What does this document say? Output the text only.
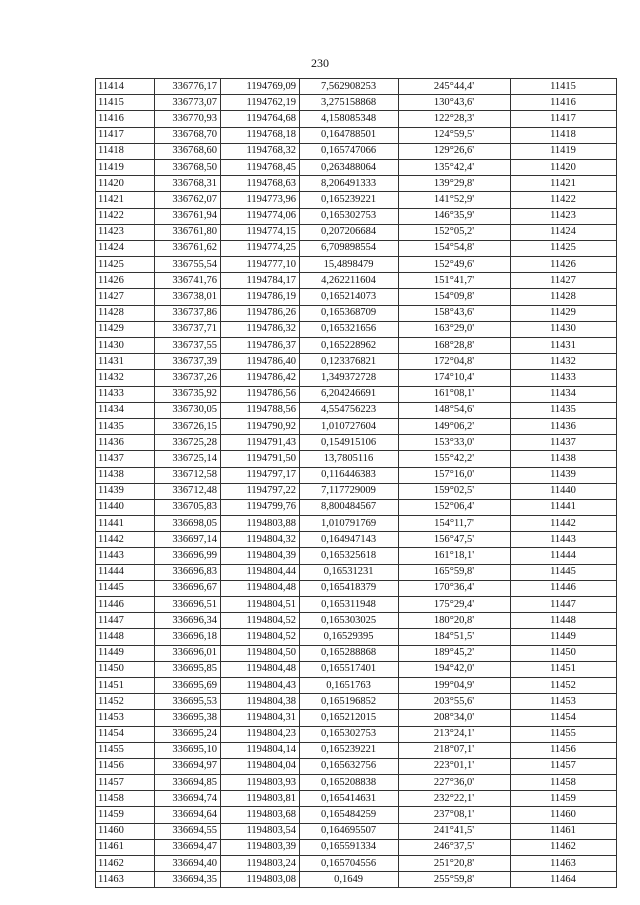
230
11414	336776,17	1194769,09	7,562908253	245°44,4'	11415
11415	336773,07	1194762,19	3,275158868	130°43,6'	11416
11416	336770,93	1194764,68	4,158085348	122°28,3'	11417
11417	336768,70	1194768,18	0,164788501	124°59,5'	11418
11418	336768,60	1194768,32	0,165747066	129°26,6'	11419
11419	336768,50	1194768,45	0,263488064	135°42,4'	11420
11420	336768,31	1194768,63	8,206491333	139°29,8'	11421
11421	336762,07	1194773,96	0,165239221	141°52,9'	11422
11422	336761,94	1194774,06	0,165302753	146°35,9'	11423
11423	336761,80	1194774,15	0,207206684	152°05,2'	11424
11424	336761,62	1194774,25	6,709898554	154°54,8'	11425
11425	336755,54	1194777,10	15,4898479	152°49,6'	11426
11426	336741,76	1194784,17	4,262211604	151°41,7'	11427
11427	336738,01	1194786,19	0,165214073	154°09,8'	11428
11428	336737,86	1194786,26	0,165368709	158°43,6'	11429
11429	336737,71	1194786,32	0,165321656	163°29,0'	11430
11430	336737,55	1194786,37	0,165228962	168°28,8'	11431
11431	336737,39	1194786,40	0,123376821	172°04,8'	11432
11432	336737,26	1194786,42	1,349372728	174°10,4'	11433
11433	336735,92	1194786,56	6,204246691	161°08,1'	11434
11434	336730,05	1194788,56	4,554756223	148°54,6'	11435
11435	336726,15	1194790,92	1,010727604	149°06,2'	11436
11436	336725,28	1194791,43	0,154915106	153°33,0'	11437
11437	336725,14	1194791,50	13,7805116	155°42,2'	11438
11438	336712,58	1194797,17	0,116446383	157°16,0'	11439
11439	336712,48	1194797,22	7,117729009	159°02,5'	11440
11440	336705,83	1194799,76	8,800484567	152°06,4'	11441
11441	336698,05	1194803,88	1,010791769	154°11,7'	11442
11442	336697,14	1194804,32	0,164947143	156°47,5'	11443
11443	336696,99	1194804,39	0,165325618	161°18,1'	11444
11444	336696,83	1194804,44	0,16531231	165°59,8'	11445
11445	336696,67	1194804,48	0,165418379	170°36,4'	11446
11446	336696,51	1194804,51	0,165311948	175°29,4'	11447
11447	336696,34	1194804,52	0,165303025	180°20,8'	11448
11448	336696,18	1194804,52	0,16529395	184°51,5'	11449
11449	336696,01	1194804,50	0,165288868	189°45,2'	11450
11450	336695,85	1194804,48	0,165517401	194°42,0'	11451
11451	336695,69	1194804,43	0,1651763	199°04,9'	11452
11452	336695,53	1194804,38	0,165196852	203°55,6'	11453
11453	336695,38	1194804,31	0,165212015	208°34,0'	11454
11454	336695,24	1194804,23	0,165302753	213°24,1'	11455
11455	336695,10	1194804,14	0,165239221	218°07,1'	11456
11456	336694,97	1194804,04	0,165632756	223°01,1'	11457
11457	336694,85	1194803,93	0,165208838	227°36,0'	11458
11458	336694,74	1194803,81	0,165414631	232°22,1'	11459
11459	336694,64	1194803,68	0,165484259	237°08,1'	11460
11460	336694,55	1194803,54	0,164695507	241°41,5'	11461
11461	336694,47	1194803,39	0,165591334	246°37,5'	11462
11462	336694,40	1194803,24	0,165704556	251°20,8'	11463
11463	336694,35	1194803,08	0,1649	255°59,8'	11464
